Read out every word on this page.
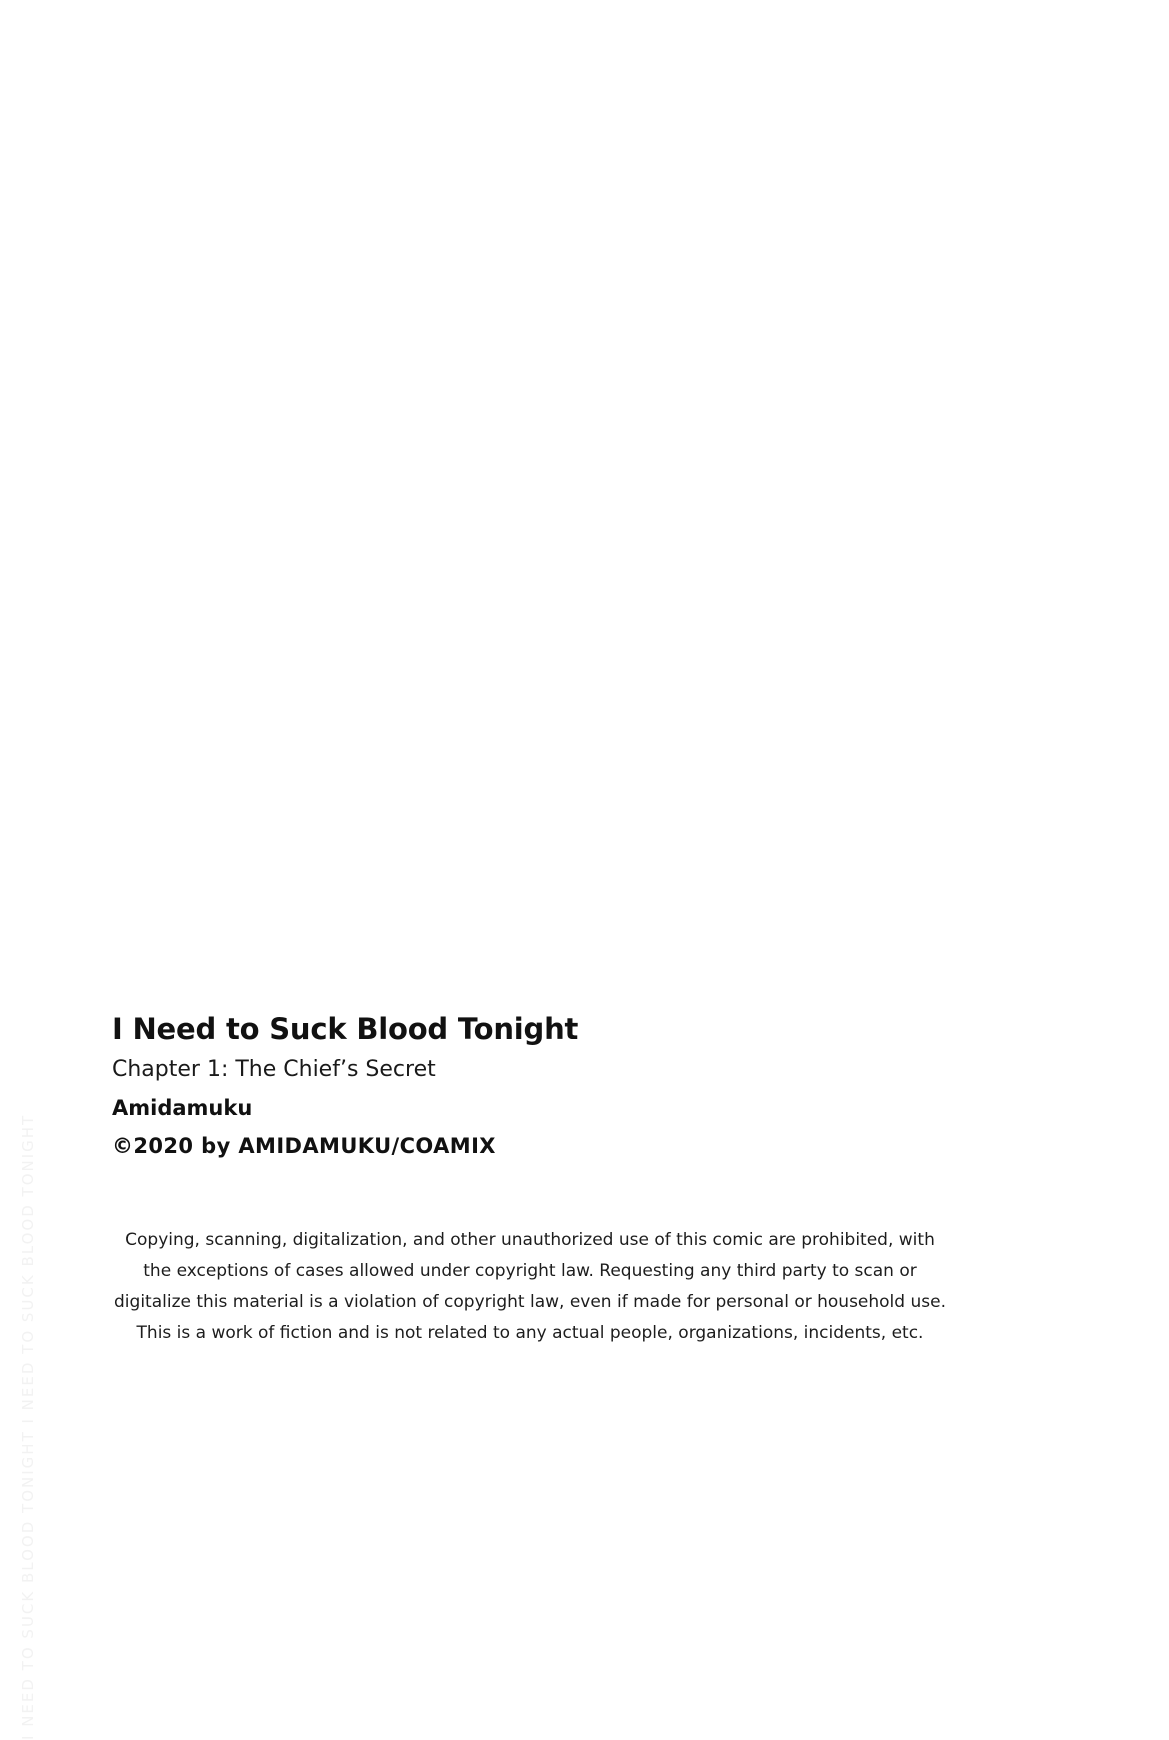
I NEED TO SUCK BLOOD TONIGHT I NEED TO SUCK BLOOD TONIGHT
I Need to Suck Blood Tonight
Chapter 1: The Chief’s Secret
Amidamuku
©2020 by AMIDAMUKU/COAMIX

Copying, scanning, digitalization, and other unauthorized use of this comic are prohibited, with the exceptions of cases allowed under copyright law. Requesting any third party to scan or digitalize this material is a violation of copyright law, even if made for personal or household use. This is a work of fiction and is not related to any actual people, organizations, incidents, etc.
